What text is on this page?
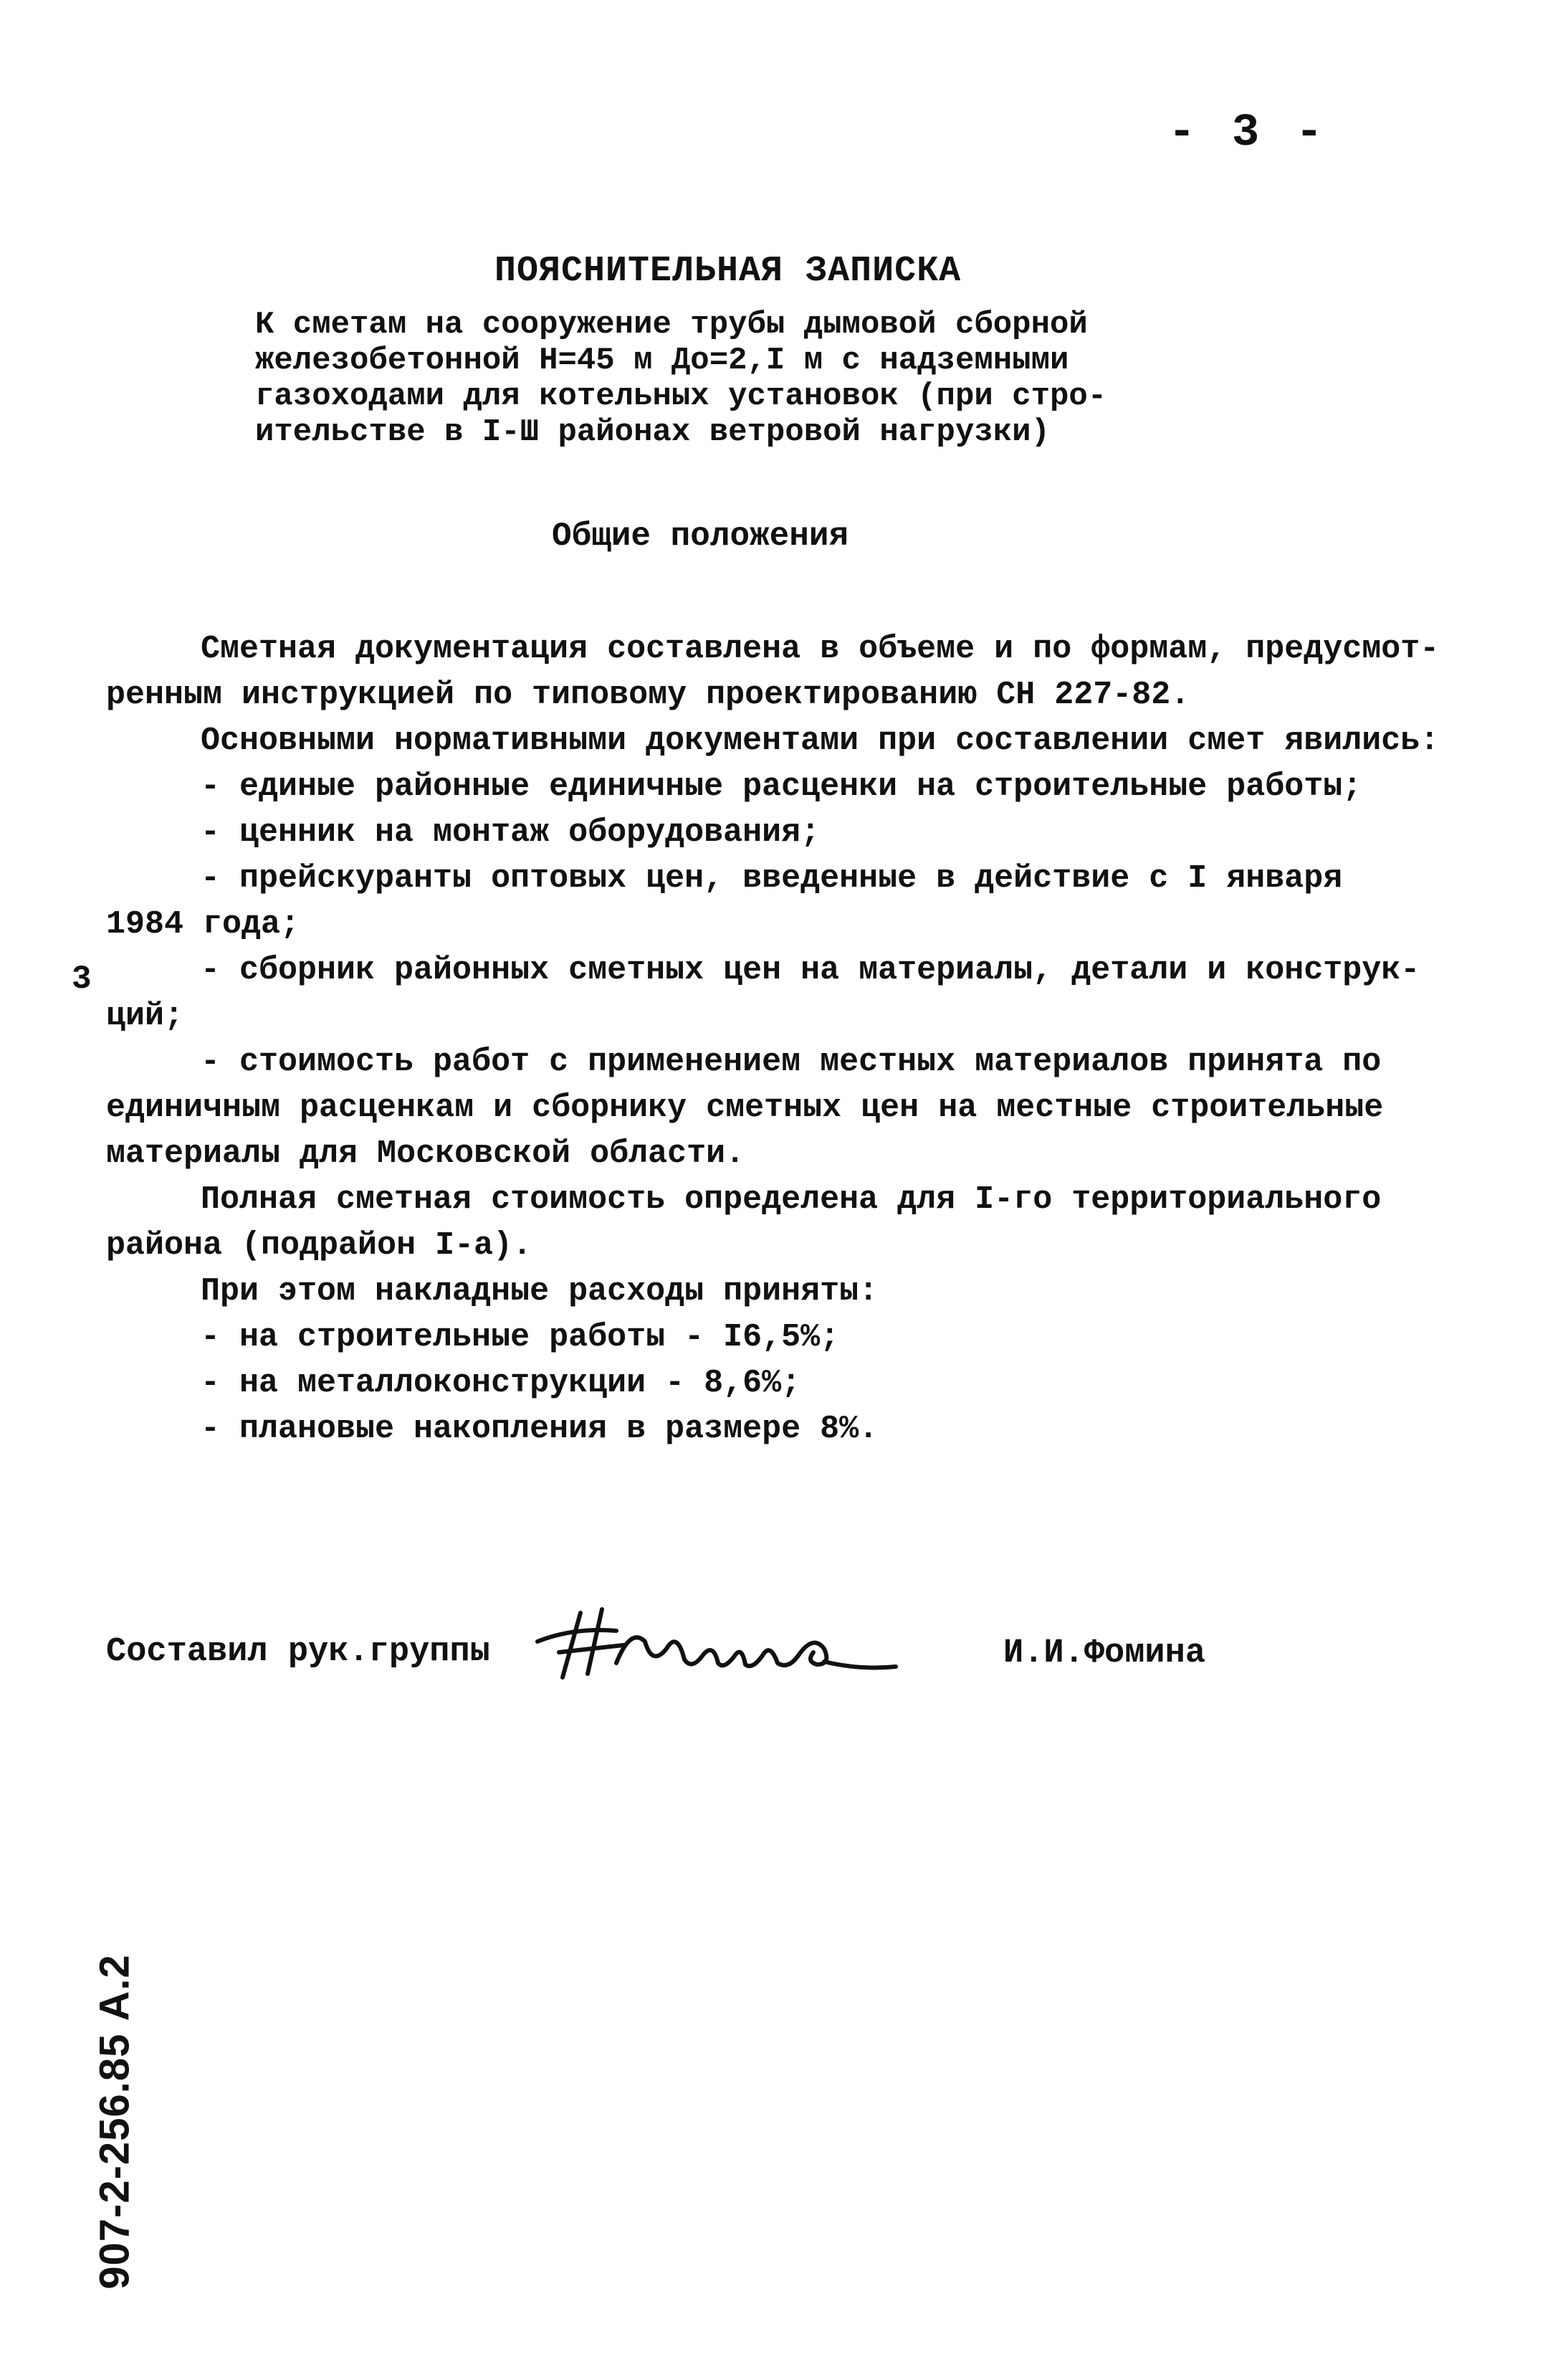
- 3 -
ПОЯСНИТЕЛЬНАЯ ЗАПИСКА
К сметам на сооружение трубы дымовой сборной
железобетонной Н=45 м До=2,I м с надземными
газоходами для котельных установок (при стро-
ительстве в I-Ш районах ветровой нагрузки)
Общие положения
Сметная документация составлена в объеме и по формам, предусмот-
ренным инструкцией по типовому проектированию СН 227-82.
Основными нормативными документами при составлении смет явились:
- единые районные единичные расценки на строительные работы;
- ценник на монтаж оборудования;
- прейскуранты оптовых цен, введенные в действие с I января
1984 года;
- сборник районных сметных цен на материалы, детали и конструк-
ций;
- стоимость работ с применением местных материалов принята по
единичным расценкам и сборнику сметных цен на местные строительные
материалы для Московской области.
Полная сметная стоимость определена для I-го территориального
района (подрайон I-а).
При этом накладные расходы приняты:
- на строительные работы - I6,5%;
- на металлоконструкции - 8,6%;
- плановые накопления в размере 8%.
3
Составил рук.группы	И.И.Фомина
907-2-256.85 А.2
